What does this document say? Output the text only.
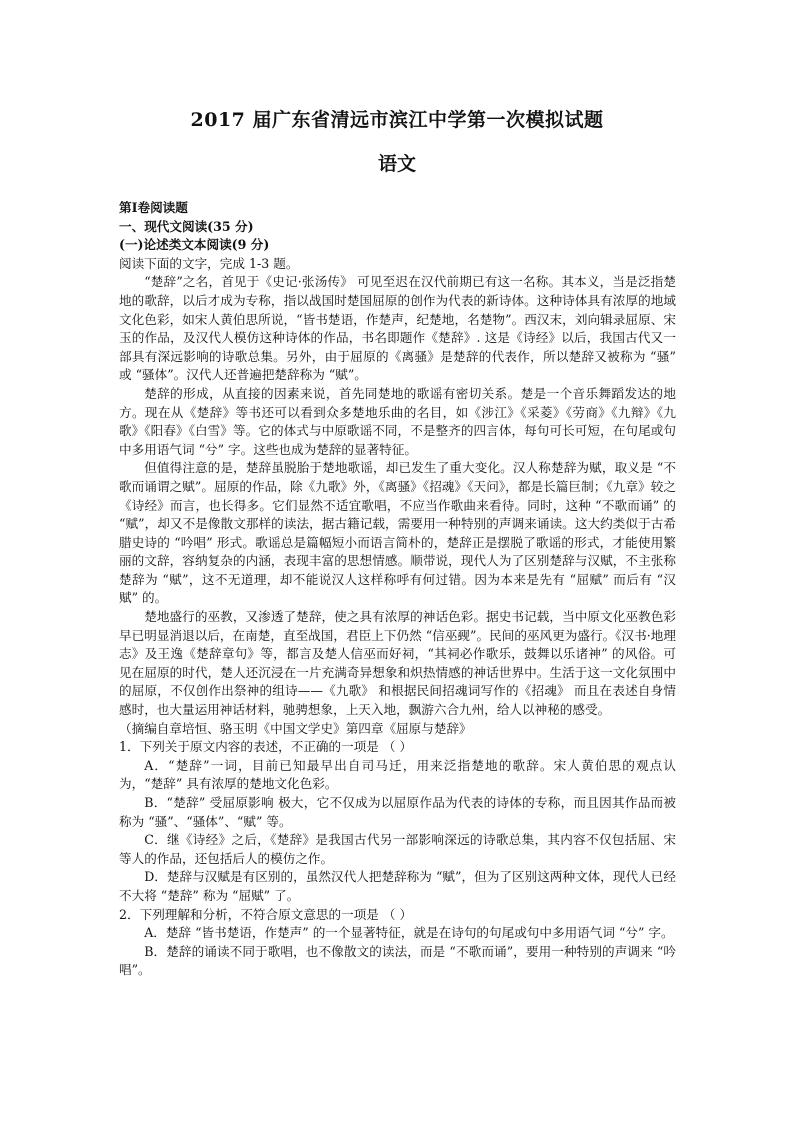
2017 届广东省清远市滨江中学第一次模拟试题
语文

第Ⅰ卷阅读题

一、现代文阅读(35 分)

(一)论述类文本阅读(9 分)

阅读下面的文字，完成 1-3 题。

“楚辞”之名，首见于《史记·张汤传》 可见至迟在汉代前期已有这一名称。其本义，当是泛指楚地的歌辞，以后才成为专称，指以战国时楚国屈原的创作为代表的新诗体。这种诗体具有浓厚的地域文化色彩，如宋人黄伯思所说，“皆书楚语，作楚声，纪楚地，名楚物”。西汉末，刘向辑录屈原、宋玉的作品，及汉代人模仿这种诗体的作品，书名即题作《楚辞》. 这是《诗经》以后，我国古代又一部具有深远影响的诗歌总集。另外，由于屈原的《离骚》是楚辞的代表作，所以楚辞又被称为 “骚” 或 “骚体”。汉代人还普遍把楚辞称为 “赋”。

楚辞的形成，从直接的因素来说，首先同楚地的歌谣有密切关系。楚是一个音乐舞蹈发达的地方。现在从《楚辞》等书还可以看到众多楚地乐曲的名目，如《涉江》《采菱》《劳商》《九辩》《九歌》《阳春》《白雪》等。它的体式与中原歌谣不同，不是整齐的四言体，每句可长可短，在句尾或句中多用语气词 “兮” 字。这些也成为楚辞的显著特征。

但值得注意的是，楚辞虽脱胎于楚地歌谣，却已发生了重大变化。汉人称楚辞为赋，取义是 “不歌而诵谓之赋”。屈原的作品，除《九歌》外，《离骚》《招魂》《天问》，都是长篇巨制；《九章》较之《诗经》而言，也长得多。它们显然不适宜歌唱，不应当作歌曲来看待。同时，这种 “不歌而诵” 的 “赋”，却又不是像散文那样的读法，据古籍记载，需要用一种特别的声调来诵读。这大约类似于古希腊史诗的 “吟唱” 形式。歌谣总是篇幅短小而语言简朴的，楚辞正是摆脱了歌谣的形式，才能使用繁丽的文辞，容纳复杂的内涵，表现丰富的思想情感。顺带说，现代人为了区别楚辞与汉赋，不主张称楚辞为 “赋”，这不无道理，却不能说汉人这样称呼有何过错。因为本来是先有 “屈赋” 而后有 “汉赋” 的。

楚地盛行的巫教，又渗透了楚辞，使之具有浓厚的神话色彩。据史书记载，当中原文化巫教色彩早已明显消退以后，在南楚，直至战国，君臣上下仍然 “信巫觋”。民间的巫风更为盛行。《汉书·地理志》及王逸《楚辞章句》等，都言及楚人信巫而好祠，“其祠必作歌乐，鼓舞以乐诸神” 的风俗。可见在屈原的时代，楚人还沉浸在一片充满奇异想象和炽热情感的神话世界中。生活于这一文化氛围中的屈原，不仅创作出祭神的组诗——《九歌》 和根据民间招魂词写作的《招魂》 而且在表述自身情感时，也大量运用神话材料，驰骋想象，上天入地，飘游六合九州，给人以神秘的感受。

（摘编自章培恒、骆玉明《中国文学史》第四章《屈原与楚辞》

1．下列关于原文内容的表述，不正确的一项是 （ ）

A．“楚辞”一词，目前已知最早出自司马迁，用来泛指楚地的歌辞。宋人黄伯思的观点认为，“楚辞” 具有浓厚的楚地文化色彩。

B．“楚辞” 受屈原影响 极大，它不仅成为以屈原作品为代表的诗体的专称，而且因其作品而被称为 “骚”、“骚体”、“赋” 等。

C．继《诗经》之后，《楚辞》是我国古代另一部影响深远的诗歌总集，其内容不仅包括屈、宋等人的作品，还包括后人的模仿之作。

D．楚辞与汉赋是有区别的，虽然汉代人把楚辞称为 “赋”，但为了区别这两种文体，现代人已经不大将 “楚辞” 称为 “屈赋” 了。

2．下列理解和分析，不符合原文意思的一项是 （ ）

A．楚辞 “皆书楚语，作楚声” 的一个显著特征，就是在诗句的句尾或句中多用语气词 “兮” 字。

B．楚辞的诵读不同于歌唱，也不像散文的读法，而是 “不歌而诵”，要用一种特别的声调来 “吟唱”。
